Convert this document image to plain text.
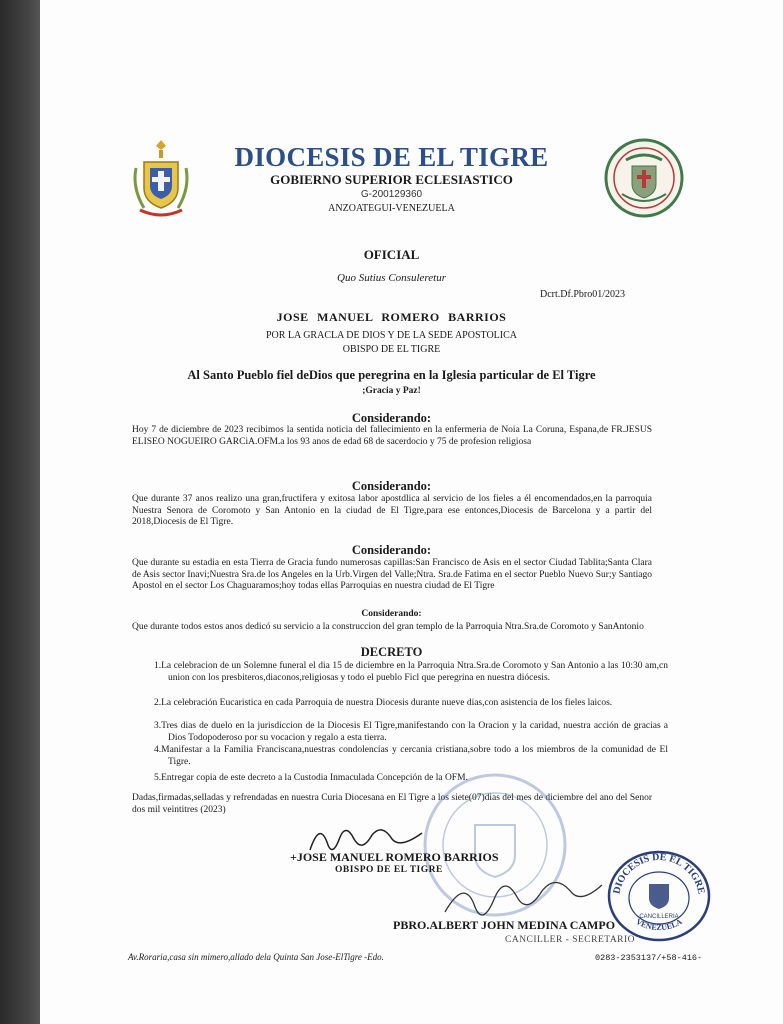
DIOCESIS DE EL TIGRE
GOBIERNO SUPERIOR ECLESIASTICO
G-200129360
ANZOATEGUI-VENEZUELA
OFICIAL
Quo Sutius Consuleretur
Dcrt.Df.Pbro01/2023
JOSE MANUEL ROMERO BARRIOS
POR LA GRACLA DE DIOS Y DE LA SEDE APOSTOLICA
OBISPO DE EL TIGRE
Al Santo Pueblo fiel deDios que peregrina en la Iglesia particular de El Tigre
;Gracia y Paz!
Considerando:
Hoy 7 de diciembre de 2023 recibimos la sentida noticia del fallecimiento en la enfermeria de Noia La Coruna, Espana,de FR.JESUS ELISEO NOGUEIRO GARCiA.OFM.a los 93 anos de edad 68 de sacerdocio y 75 de profesion religiosa
Considerando:
Que durante 37 anos realizo una gran,fructifera y exitosa labor apostdlica al servicio de los fieles a él encomendados,en la parroquia Nuestra Senora de Coromoto y San Antonio en la ciudad de El Tigre,para ese entonces,Diocesis de Barcelona y a partir del 2018,Diocesis de El Tigre.
Considerando:
Que durante su estadia en esta Tierra de Gracia fundo numerosas capillas:San Francisco de Asis en el sector Ciudad Tablita;Santa Clara de Asis sector Inavi;Nuestra Sra.de los Angeles en la Urb.Virgen del Valle;Ntra. Sra.de Fatima en el sector Pueblo Nuevo Sur;y Santiago Apostol en el sector Los Chaguaramos;hoy todas ellas Parroquias en nuestra ciudad de El Tigre
Considerando:
Que durante todos estos anos dedicó su servicio a la construccion del gran templo de la Parroquia Ntra.Sra.de Coromoto y SanAntonio
DECRETO
1.La celebracion de un Solemne funeral el dia 15 de diciembre en la Parroquia Ntra.Sra.de Coromoto y San Antonio a las 10:30 am,cn union con los presbiteros,diaconos,religiosas y todo el pueblo Ficl que peregrina en nuestra diócesis.
2.La celebración Eucaristica en cada Parroquia de nuestra Diocesis durante nueve dias,con asistencia de los fieles laicos.
3.Tres dias de duelo en la jurisdiccion de la Diocesis El Tigre,manifestando con la Oracion y la caridad, nuestra acción de gracias a Dios Todopoderoso por su vocacion y regalo a esta tierra.
4.Manifestar a la Familia Franciscana,nuestras condolencias y cercania cristiana,sobre todo a los miembros de la comunidad de El Tigre.
5.Entregar copia de este decreto a la Custodia Inmaculada Concepción de la OFM.
Dadas,firmadas,selladas y refrendadas en nuestra Curia Diocesana en El Tigre a los siete(07)dias del mes de diciembre del ano del Senor dos mil veintitres (2023)
+JOSE MANUEL ROMERO BARRIOS
OBISPO DE EL TIGRE
PBRO.ALBERT JOHN MEDINA CAMPO
CANCILLER - SECRETARIO
DIOCESIS DE EL TIGRE
CANCILLERIA
VENEZUELA
Av.Roraria,casa sin mimero,allado dela Quinta San Jose-ElTigre -Edo.	0283-2353137/+58-416-
